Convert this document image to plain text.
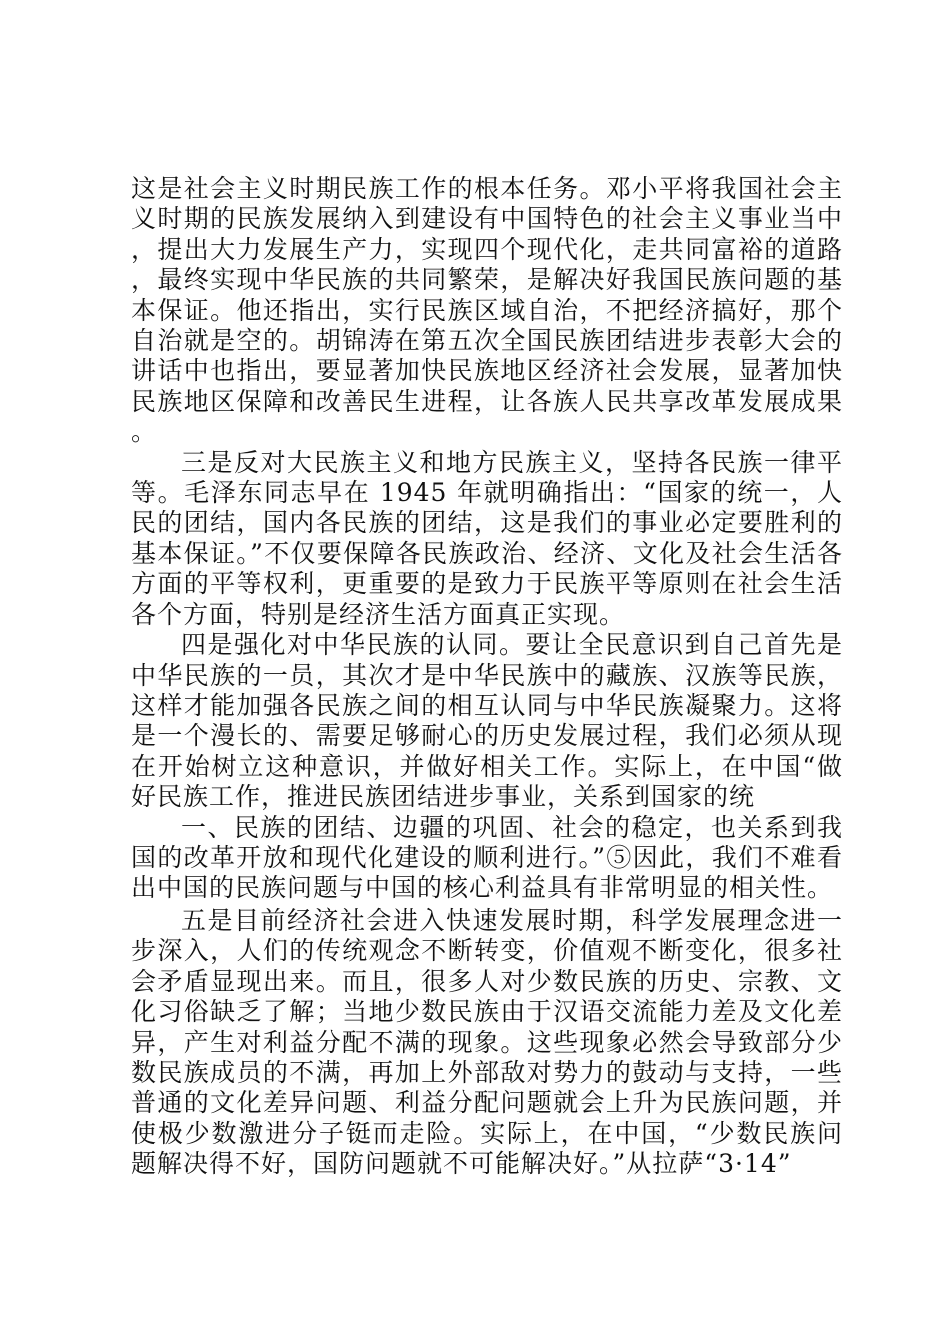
这是社会主义时期民族工作的根本任务。邓小平将我国社会主义时期的民族发展纳入到建设有中国特色的社会主义事业当中，提出大力发展生产力，实现四个现代化，走共同富裕的道路，最终实现中华民族的共同繁荣，是解决好我国民族问题的基本保证。他还指出，实行民族区域自治，不把经济搞好，那个自治就是空的。胡锦涛在第五次全国民族团结进步表彰大会的讲话中也指出，要显著加快民族地区经济社会发展，显著加快民族地区保障和改善民生进程，让各族人民共享改革发展成果。

三是反对大民族主义和地方民族主义，坚持各民族一律平等。毛泽东同志早在 1945 年就明确指出：“国家的统一，人民的团结，国内各民族的团结，这是我们的事业必定要胜利的基本保证。”不仅要保障各民族政治、经济、文化及社会生活各方面的平等权利，更重要的是致力于民族平等原则在社会生活各个方面，特别是经济生活方面真正实现。

四是强化对中华民族的认同。要让全民意识到自己首先是中华民族的一员，其次才是中华民族中的藏族、汉族等民族，这样才能加强各民族之间的相互认同与中华民族凝聚力。这将是一个漫长的、需要足够耐心的历史发展过程，我们必须从现在开始树立这种意识，并做好相关工作。实际上，在中国“做好民族工作，推进民族团结进步事业，关系到国家的统

一、民族的团结、边疆的巩固、社会的稳定，也关系到我国的改革开放和现代化建设的顺利进行。”⑤因此，我们不难看出中国的民族问题与中国的核心利益具有非常明显的相关性。

五是目前经济社会进入快速发展时期，科学发展理念进一步深入，人们的传统观念不断转变，价值观不断变化，很多社会矛盾显现出来。而且，很多人对少数民族的历史、宗教、文化习俗缺乏了解；当地少数民族由于汉语交流能力差及文化差异，产生对利益分配不满的现象。这些现象必然会导致部分少数民族成员的不满，再加上外部敌对势力的鼓动与支持，一些普通的文化差异问题、利益分配问题就会上升为民族问题，并使极少数激进分子铤而走险。实际上，在中国，“少数民族问题解决得不好，国防问题就不可能解决好。”从拉萨“3·14”
